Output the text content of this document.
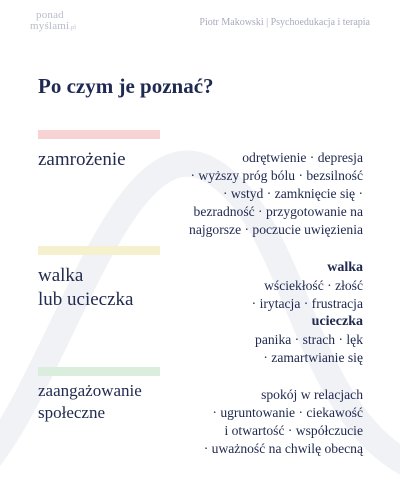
ponad
myślami.pl	Piotr Makowski | Psychoedukacja i terapia
Po czym je poznać?
zamrożenie	odrętwienie · depresja
· wyższy próg bólu · bezsilność
· wstyd · zamknięcie się ·
bezradność · przygotowanie na
najgorsze · poczucie uwięzienia
walka
lub ucieczka
walka
wściekłość · złość
· irytacja · frustracja
ucieczka
panika · strach · lęk
· zamartwianie się
zaangażowanie
społeczne
spokój w relacjach
· ugruntowanie · ciekawość
i otwartość · współczucie
· uważność na chwilę obecną
